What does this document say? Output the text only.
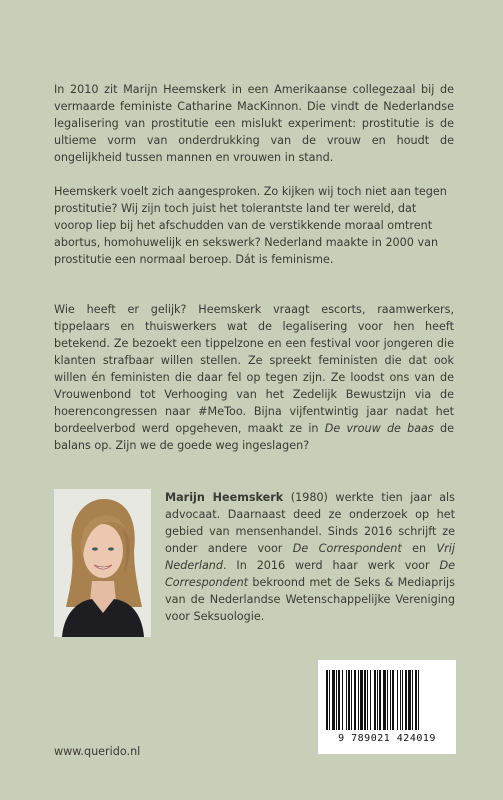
In 2010 zit Marijn Heemskerk in een Amerikaanse collegezaal bij de vermaarde feministe Catharine MacKinnon. Die vindt de Nederlandse legalisering van prostitutie een mislukt experiment: prostitutie is de ultieme vorm van onderdrukking van de vrouw en houdt de ongelijkheid tussen mannen en vrouwen in stand.

Heemskerk voelt zich aangesproken. Zo kijken wij toch niet aan tegen prostitutie? Wij zijn toch juist het tolerantste land ter wereld, dat voorop liep bij het afschudden van de verstikkende moraal omtrent abortus, homohuwelijk en sekswerk? Nederland maakte in 2000 van prostitutie een normaal beroep. Dát is feminisme.

Wie heeft er gelijk? Heemskerk vraagt escorts, raamwerkers, tippelaars en thuiswerkers wat de legalisering voor hen heeft betekend. Ze bezoekt een tippelzone en een festival voor jongeren die klanten strafbaar willen stellen. Ze spreekt feministen die dat ook willen én feministen die daar fel op tegen zijn. Ze loodst ons van de Vrouwenbond tot Verhooging van het Zedelijk Bewustzijn via de hoerencongressen naar #MeToo. Bijna vijfentwintig jaar nadat het bordeelverbod werd opgeheven, maakt ze in De vrouw de baas de balans op. Zijn we de goede weg ingeslagen?

Marijn Heemskerk (1980) werkte tien jaar als advocaat. Daarnaast deed ze onderzoek op het gebied van mensenhandel. Sinds 2016 schrijft ze onder andere voor De Correspondent en Vrij Nederland. In 2016 werd haar werk voor De Correspondent bekroond met de Seks & Mediaprijs van de Nederlandse Wetenschappelijke Vereniging voor Seksuologie.

9 789021 424019
www.querido.nl
